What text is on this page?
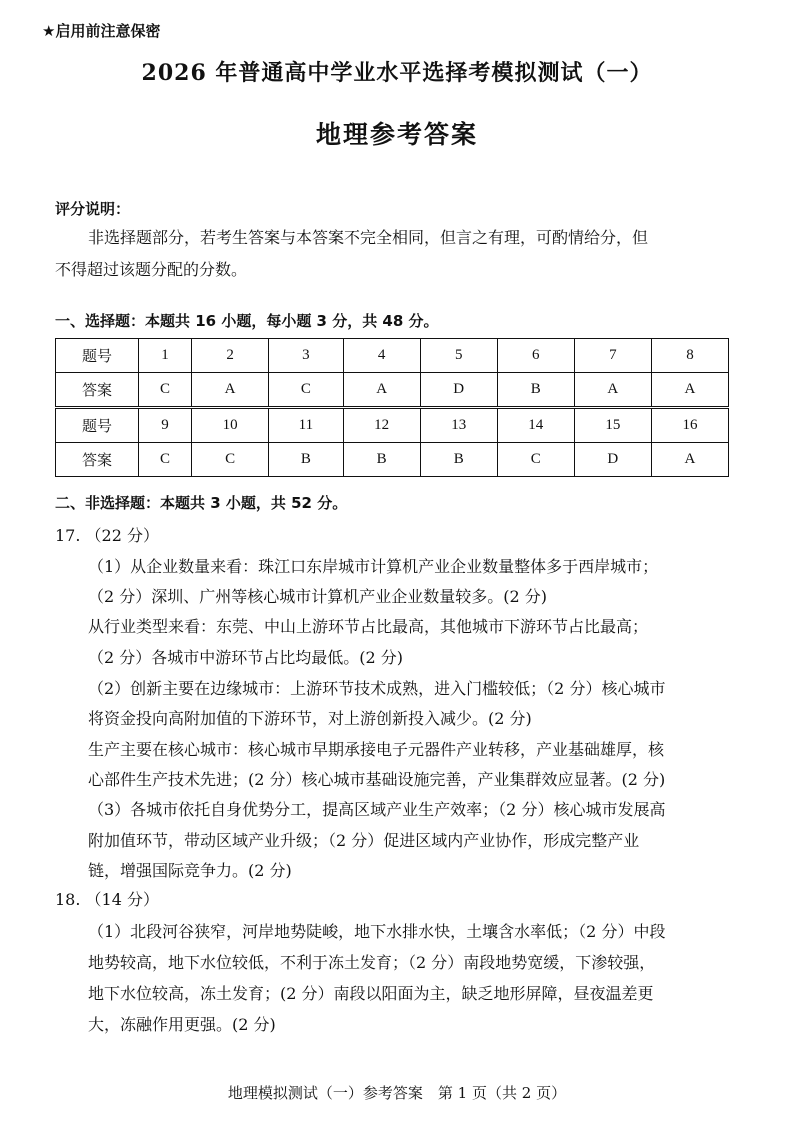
★启用前注意保密
2026 年普通高中学业水平选择考模拟测试（一）
地理参考答案
评分说明：
非选择题部分，若考生答案与本答案不完全相同，但言之有理，可酌情给分，但
不得超过该题分配的分数。
一、选择题：本题共 16 小题，每小题 3 分，共 48 分。
题号	1	2	3	4	5	6	7	8
答案	C	A	C	A	D	B	A	A
题号	9	10	11	12	13	14	15	16
答案	C	C	B	B	B	C	D	A
二、非选择题：本题共 3 小题，共 52 分。
17. （22 分）
（1）从企业数量来看：珠江口东岸城市计算机产业企业数量整体多于西岸城市；
（2 分）深圳、广州等核心城市计算机产业企业数量较多。(2 分)
从行业类型来看：东莞、中山上游环节占比最高，其他城市下游环节占比最高；
（2 分）各城市中游环节占比均最低。(2 分)
（2）创新主要在边缘城市：上游环节技术成熟，进入门槛较低；（2 分）核心城市
将资金投向高附加值的下游环节，对上游创新投入减少。(2 分)
生产主要在核心城市：核心城市早期承接电子元器件产业转移，产业基础雄厚，核
心部件生产技术先进；(2 分）核心城市基础设施完善，产业集群效应显著。(2 分)
（3）各城市依托自身优势分工，提高区域产业生产效率；（2 分）核心城市发展高
附加值环节，带动区域产业升级；（2 分）促进区域内产业协作，形成完整产业
链，增强国际竞争力。(2 分)
18. （14 分）
（1）北段河谷狭窄，河岸地势陡峻，地下水排水快，土壤含水率低；（2 分）中段
地势较高，地下水位较低，不利于冻土发育；（2 分）南段地势宽缓，下渗较强，
地下水位较高，冻土发育；(2 分）南段以阳面为主，缺乏地形屏障，昼夜温差更
大，冻融作用更强。(2 分)
地理模拟测试（一）参考答案　第 1 页（共 2 页）
